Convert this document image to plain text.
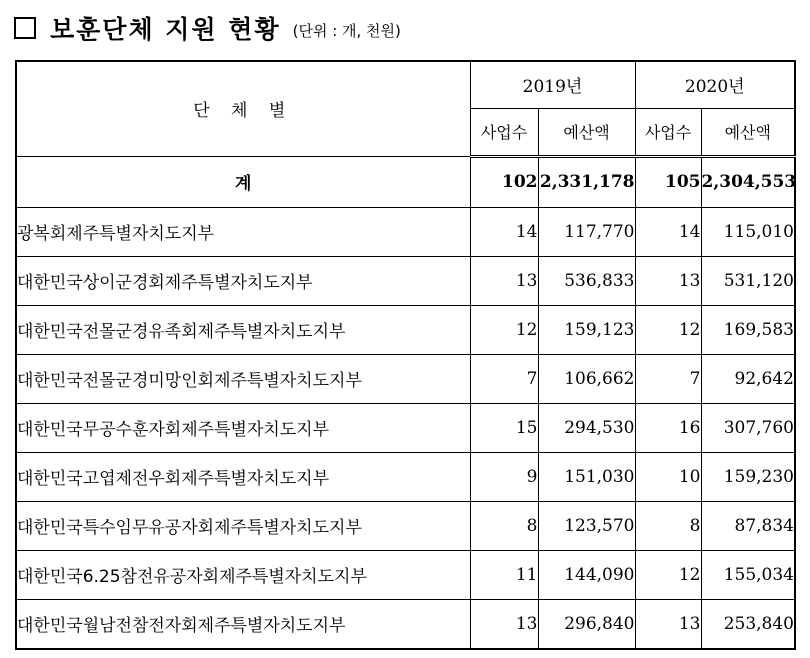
보훈단체 지원 현황 (단위 : 개, 천원)
단 체 별	2019년		2020년	
	사업수	예산액	사업수	예산액
계	102	2,331,178	105	2,304,553
광복회제주특별자치도지부	14	117,770	14	115,010
대한민국상이군경회제주특별자치도지부	13	536,833	13	531,120
대한민국전몰군경유족회제주특별자치도지부	12	159,123	12	169,583
대한민국전몰군경미망인회제주특별자치도지부	7	106,662	7	92,642
대한민국무공수훈자회제주특별자치도지부	15	294,530	16	307,760
대한민국고엽제전우회제주특별자치도지부	9	151,030	10	159,230
대한민국특수임무유공자회제주특별자치도지부	8	123,570	8	87,834
대한민국6.25참전유공자회제주특별자치도지부	11	144,090	12	155,034
대한민국월남전참전자회제주특별자치도지부	13	296,840	13	253,840
